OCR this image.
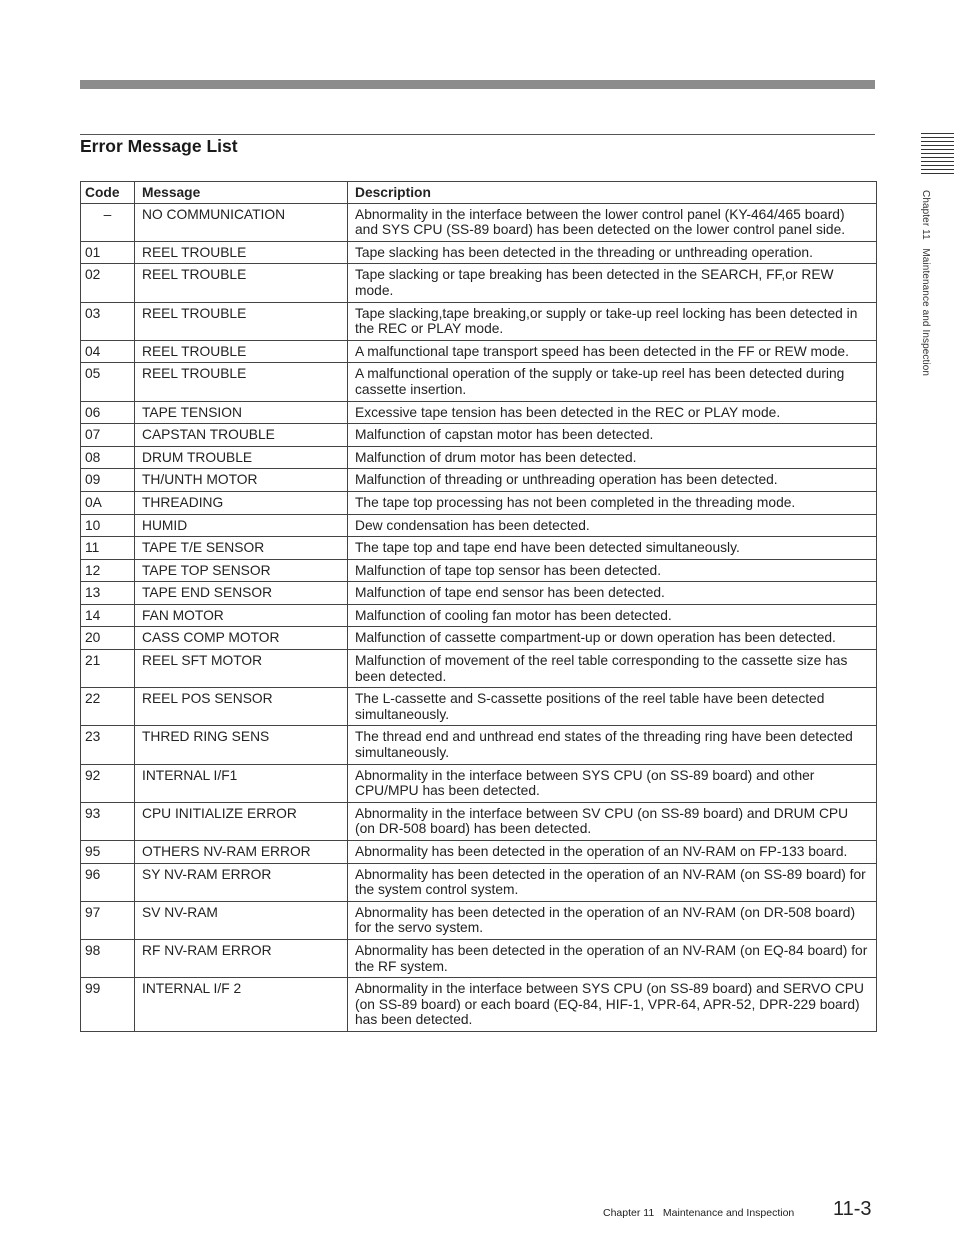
Error Message List
Chapter 11   Maintenance and Inspection
Code	Message	Description
–	NO COMMUNICATION	Abnormality in the interface between the lower control panel (KY-464/465 board) and SYS CPU (SS-89 board) has been detected on the lower control panel side.
01	REEL TROUBLE	Tape slacking has been detected in the threading or unthreading operation.
02	REEL TROUBLE	Tape slacking or tape breaking has been detected in the SEARCH, FF,or REW mode.
03	REEL TROUBLE	Tape slacking,tape breaking,or supply or take-up reel locking has been detected in the REC or PLAY mode.
04	REEL TROUBLE	A malfunctional tape transport speed has been detected in the FF or REW mode.
05	REEL TROUBLE	A malfunctional operation of the supply or take-up reel has been detected during cassette insertion.
06	TAPE TENSION	Excessive tape tension has been detected in the REC or PLAY mode.
07	CAPSTAN TROUBLE	Malfunction of capstan motor has been detected.
08	DRUM TROUBLE	Malfunction of drum motor has been detected.
09	TH/UNTH MOTOR	Malfunction of threading or unthreading operation has been detected.
0A	THREADING	The tape top processing has not been completed in the threading mode.
10	HUMID	Dew condensation has been detected.
11	TAPE T/E SENSOR	The tape top and tape end have been detected simultaneously.
12	TAPE TOP SENSOR	Malfunction of tape top sensor has been detected.
13	TAPE END SENSOR	Malfunction of tape end sensor has been detected.
14	FAN MOTOR	Malfunction of cooling fan motor has been detected.
20	CASS COMP MOTOR	Malfunction of cassette compartment-up or down operation has been detected.
21	REEL SFT MOTOR	Malfunction of movement of the reel table corresponding to the cassette size has been detected.
22	REEL POS SENSOR	The L-cassette and S-cassette positions of the reel table have been detected simultaneously.
23	THRED RING SENS	The thread end and unthread end states of the threading ring have been detected simultaneously.
92	INTERNAL I/F1	Abnormality in the interface between SYS CPU (on SS-89 board) and other CPU/MPU has been detected.
93	CPU INITIALIZE ERROR	Abnormality in the interface between SV CPU (on SS-89 board) and DRUM CPU (on DR-508 board) has been detected.
95	OTHERS NV-RAM ERROR	Abnormality has been detected in the operation of an NV-RAM on FP-133 board.
96	SY NV-RAM ERROR	Abnormality has been detected in the operation of an NV-RAM (on SS-89 board) for the system control system.
97	SV NV-RAM	Abnormality has been detected in the operation of an NV-RAM (on DR-508 board) for the servo system.
98	RF NV-RAM ERROR	Abnormality has been detected in the operation of an NV-RAM (on EQ-84 board) for the RF system.
99	INTERNAL I/F 2	Abnormality in the interface between SYS CPU (on SS-89 board) and SERVO CPU (on SS-89 board) or each board (EQ-84, HIF-1, VPR-64, APR-52, DPR-229 board) has been detected.
Chapter 11   Maintenance and Inspection 11-3
